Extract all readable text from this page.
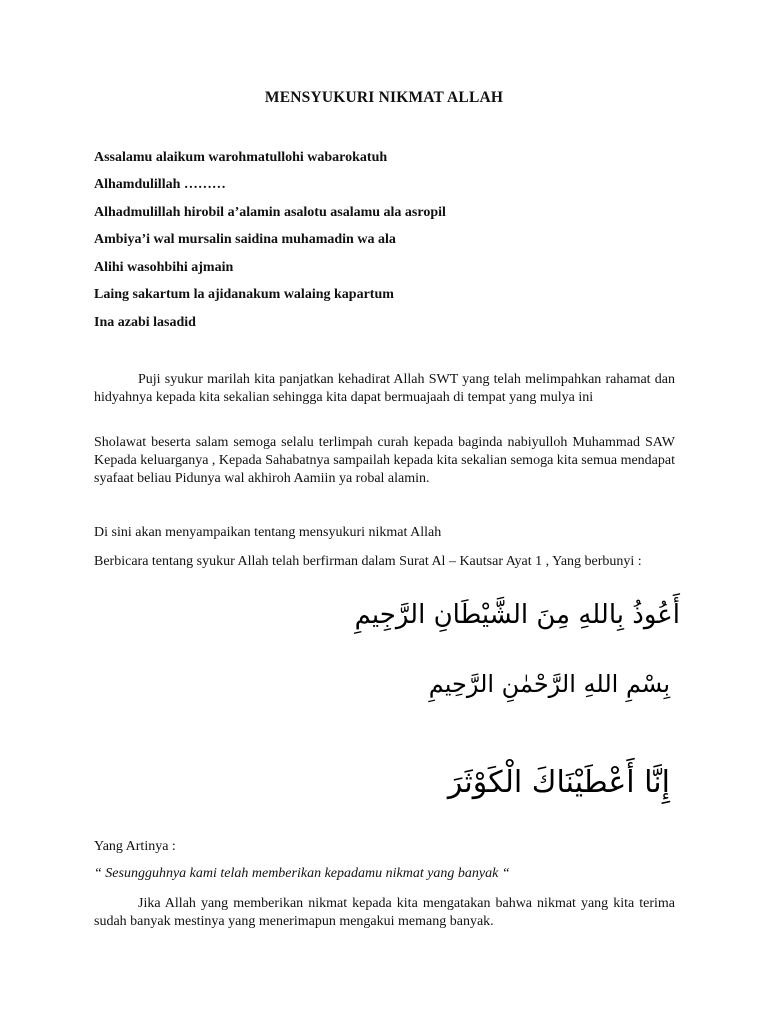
MENSYUKURI NIKMAT ALLAH
Assalamu alaikum warohmatullohi wabarokatuh
Alhamdulillah ………
Alhadmulillah hirobil a’alamin asalotu asalamu ala asropil
Ambiya’i wal mursalin saidina muhamadin wa ala
Alihi wasohbihi ajmain
Laing sakartum la ajidanakum walaing kapartum
Ina azabi lasadid
Puji syukur marilah kita panjatkan kehadirat Allah SWT yang telah melimpahkan rahamat dan hidyahnya kepada kita sekalian sehingga kita dapat bermuajaah di tempat yang mulya ini
Sholawat beserta salam semoga selalu terlimpah curah kepada baginda nabiyulloh Muhammad SAW Kepada keluarganya , Kepada Sahabatnya sampailah kepada kita sekalian semoga kita semua mendapat syafaat beliau Pidunya wal akhiroh Aamiin ya robal alamin.
Di sini akan menyampaikan tentang mensyukuri nikmat Allah
Berbicara tentang syukur Allah telah berfirman dalam Surat Al – Kautsar Ayat 1 , Yang berbunyi :
أَعُوذُ بِاللهِ مِنَ الشَّيْطَانِ الرَّجِيمِ
بِسْمِ اللهِ الرَّحْمٰنِ الرَّحِيمِ
إِنَّا أَعْطَيْنَاكَ الْكَوْثَرَ
Yang Artinya :
“ Sesungguhnya kami telah memberikan kepadamu nikmat yang banyak “
Jika Allah yang memberikan nikmat kepada kita mengatakan bahwa nikmat yang kita terima sudah banyak mestinya yang menerimapun mengakui memang banyak.
